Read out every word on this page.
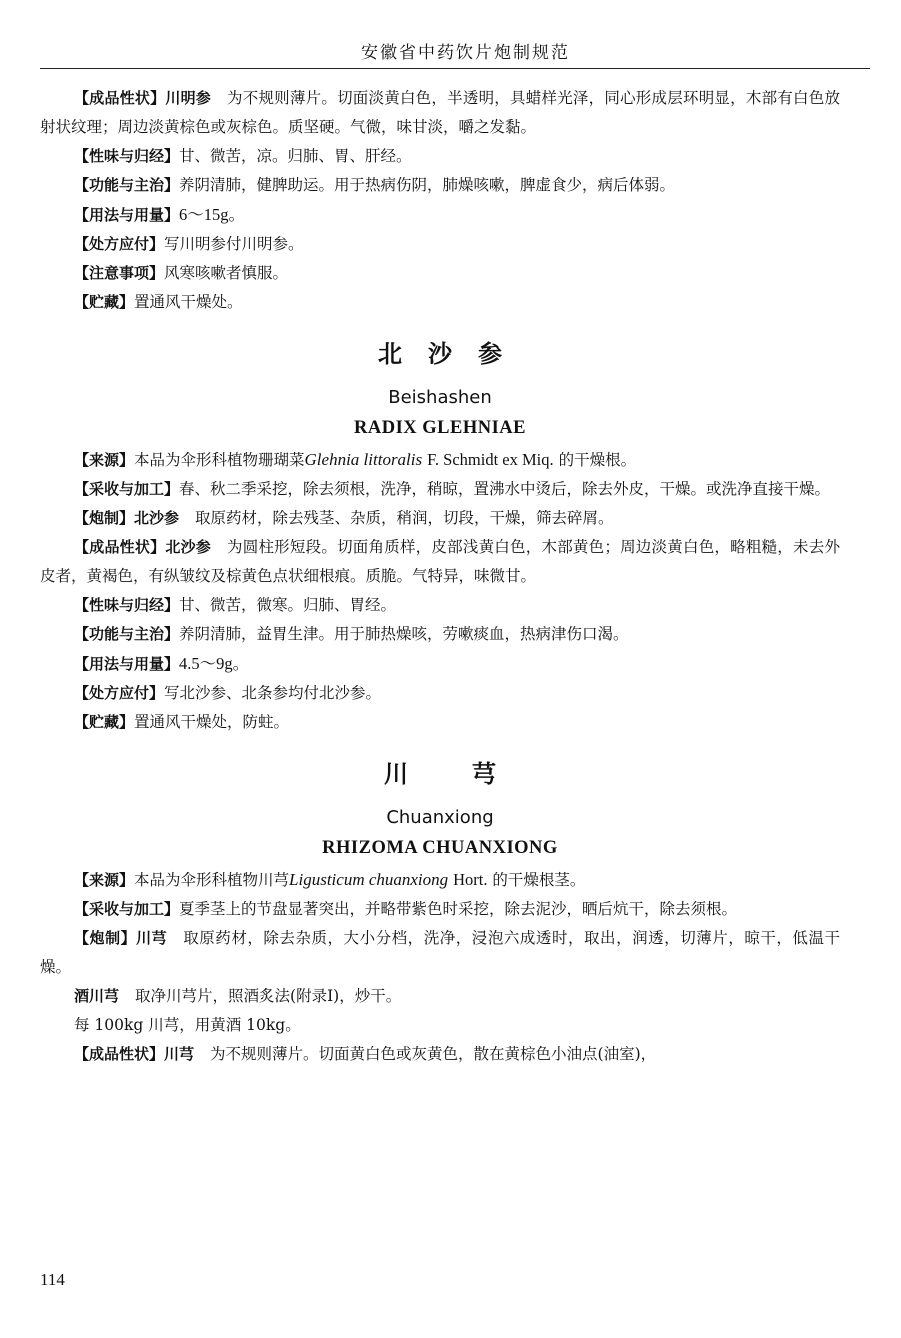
安徽省中药饮片炮制规范

【成品性状】川明参 为不规则薄片。切面淡黄白色，半透明，具蜡样光泽，同心形成层环明显，木部有白色放射状纹理；周边淡黄棕色或灰棕色。质坚硬。气微，味甘淡，嚼之发黏。

【性味与归经】甘、微苦，凉。归肺、胃、肝经。

【功能与主治】养阴清肺，健脾助运。用于热病伤阴，肺燥咳嗽，脾虚食少，病后体弱。

【用法与用量】6～15g。

【处方应付】写川明参付川明参。

【注意事项】风寒咳嗽者慎服。

【贮藏】置通风干燥处。

北沙参
Beishashen
RADIX GLEHNIAE

【来源】本品为伞形科植物珊瑚菜Glehnia littoralis F. Schmidt ex Miq. 的干燥根。

【采收与加工】春、秋二季采挖，除去须根，洗净，稍晾，置沸水中烫后，除去外皮，干燥。或洗净直接干燥。

【炮制】北沙参 取原药材，除去残茎、杂质，稍润，切段，干燥，筛去碎屑。

【成品性状】北沙参 为圆柱形短段。切面角质样，皮部浅黄白色，木部黄色；周边淡黄白色，略粗糙，未去外皮者，黄褐色，有纵皱纹及棕黄色点状细根痕。质脆。气特异，味微甘。

【性味与归经】甘、微苦，微寒。归肺、胃经。

【功能与主治】养阴清肺，益胃生津。用于肺热燥咳，劳嗽痰血，热病津伤口渴。

【用法与用量】4.5～9g。

【处方应付】写北沙参、北条参均付北沙参。

【贮藏】置通风干燥处，防蛀。

川芎
Chuanxiong
RHIZOMA CHUANXIONG

【来源】本品为伞形科植物川芎Ligusticum chuanxiong Hort. 的干燥根茎。

【采收与加工】夏季茎上的节盘显著突出，并略带紫色时采挖，除去泥沙，晒后炕干，除去须根。

【炮制】川芎 取原药材，除去杂质，大小分档，洗净，浸泡六成透时，取出，润透，切薄片，晾干，低温干燥。

酒川芎 取净川芎片，照酒炙法(附录Ⅰ)，炒干。

每 100kg 川芎，用黄酒 10kg。

【成品性状】川芎 为不规则薄片。切面黄白色或灰黄色，散在黄棕色小油点(油室)，

114
